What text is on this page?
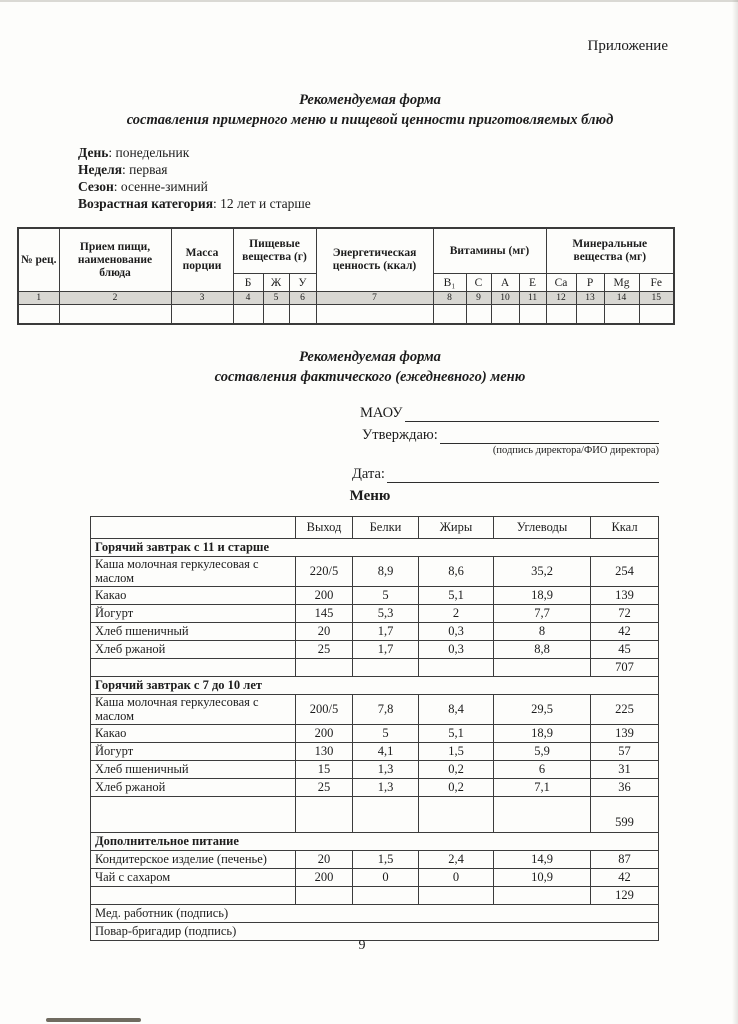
Приложение
Рекомендуемая форма
составления примерного меню и пищевой ценности приготовляемых блюд
День: понедельник
Неделя: первая
Сезон: осенне-зимний
Возрастная категория: 12 лет и старше
№ рец.	Прием пищи, наименование блюда	Масса порции	Пищевые вещества (г)			Энергетическая ценность (ккал)	Витамины (мг)				Минеральные вещества (мг)			
			Б	Ж	У		B₁	C	A	E	Ca	P	Mg	Fe
1	2	3	4	5	6	7	8	9	10	11	12	13	14	15

Рекомендуемая форма
составления фактического (ежедневного) меню
МАОУ
Утверждаю:
(подпись директора/ФИО директора)
Дата:
Меню
	Выход	Белки	Жиры	Углеводы	Ккал
Горячий завтрак с 11 и старше					
Каша молочная геркулесовая с маслом	220/5	8,9	8,6	35,2	254
Какао	200	5	5,1	18,9	139
Йогурт	145	5,3	2	7,7	72
Хлеб пшеничный	20	1,7	0,3	8	42
Хлеб ржаной	25	1,7	0,3	8,8	45
					707
Горячий завтрак с 7 до 10 лет					
Каша молочная геркулесовая с маслом	200/5	7,8	8,4	29,5	225
Какао	200	5	5,1	18,9	139
Йогурт	130	4,1	1,5	5,9	57
Хлеб пшеничный	15	1,3	0,2	6	31
Хлеб ржаной	25	1,3	0,2	7,1	36
					599
Дополнительное питание					
Кондитерское изделие (печенье)	20	1,5	2,4	14,9	87
Чай с сахаром	200	0	0	10,9	42
					129
Мед. работник (подпись)					
Повар-бригадир (подпись)					
9
